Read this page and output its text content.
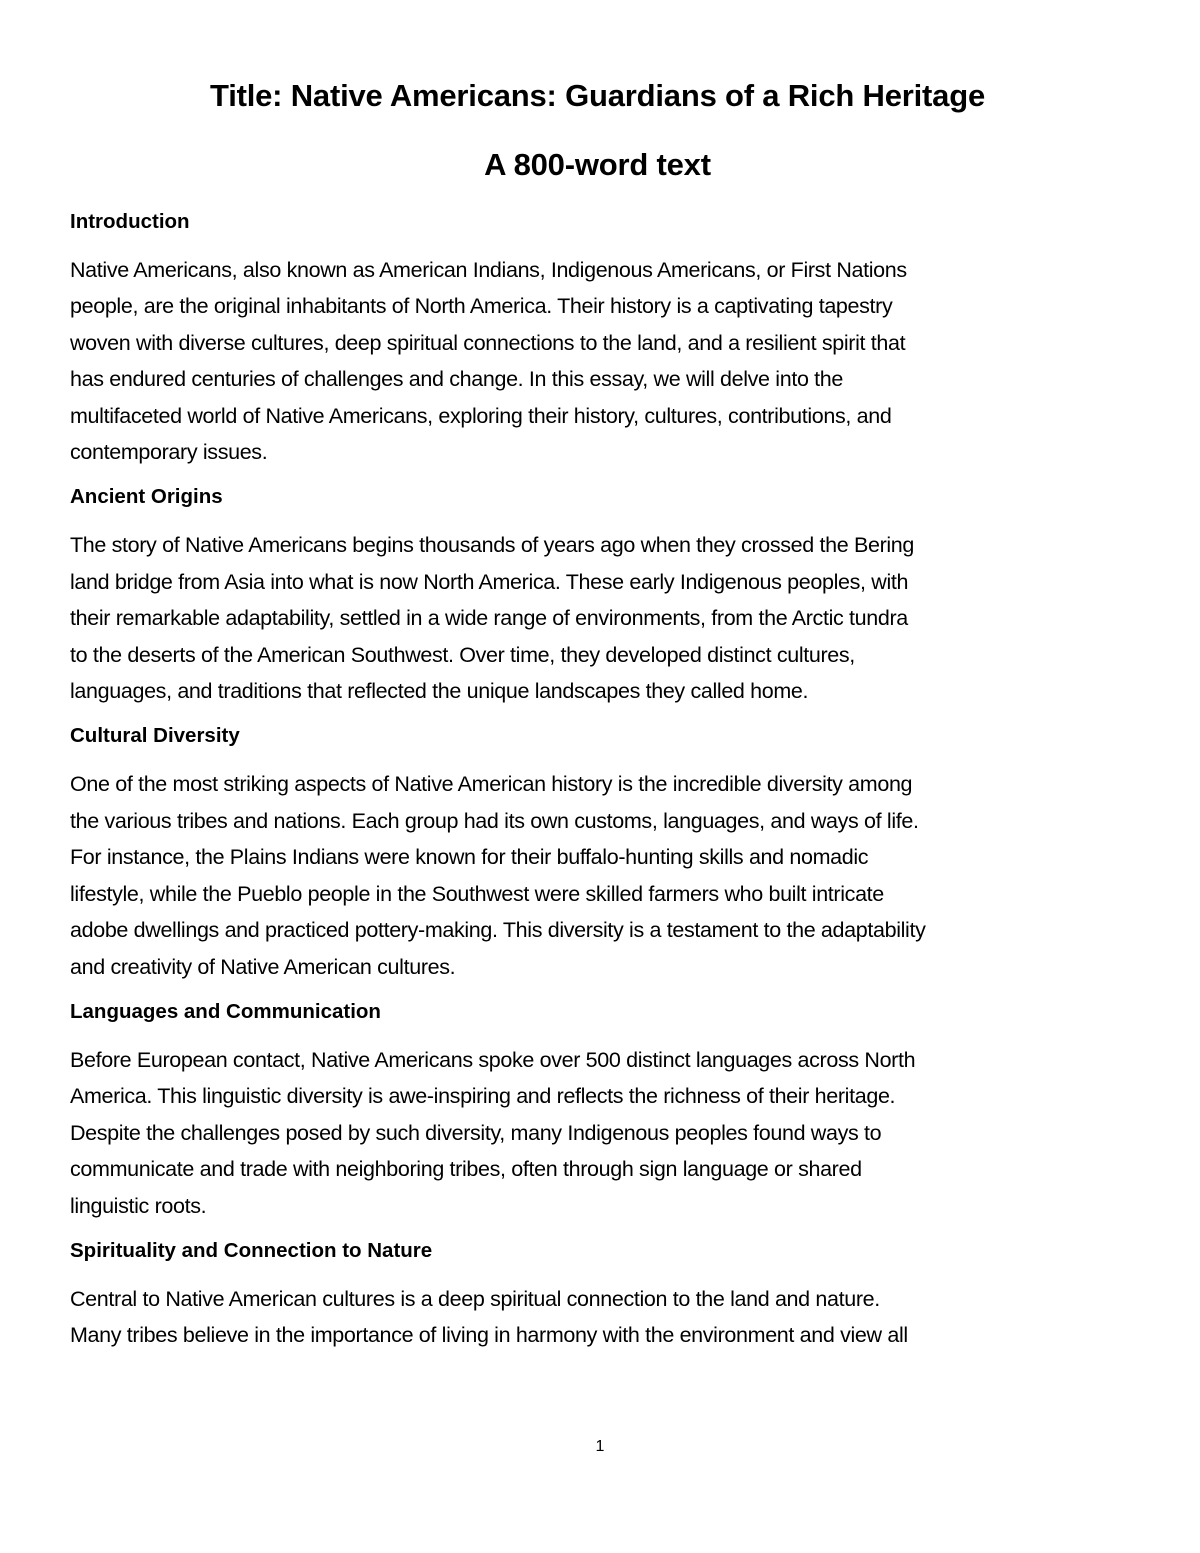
Title: Native Americans: Guardians of a Rich Heritage
A 800-word text
Introduction

Native Americans, also known as American Indians, Indigenous Americans, or First Nations
people, are the original inhabitants of North America. Their history is a captivating tapestry
woven with diverse cultures, deep spiritual connections to the land, and a resilient spirit that
has endured centuries of challenges and change. In this essay, we will delve into the
multifaceted world of Native Americans, exploring their history, cultures, contributions, and
contemporary issues.

Ancient Origins

The story of Native Americans begins thousands of years ago when they crossed the Bering
land bridge from Asia into what is now North America. These early Indigenous peoples, with
their remarkable adaptability, settled in a wide range of environments, from the Arctic tundra
to the deserts of the American Southwest. Over time, they developed distinct cultures,
languages, and traditions that reflected the unique landscapes they called home.

Cultural Diversity

One of the most striking aspects of Native American history is the incredible diversity among
the various tribes and nations. Each group had its own customs, languages, and ways of life.
For instance, the Plains Indians were known for their buffalo-hunting skills and nomadic
lifestyle, while the Pueblo people in the Southwest were skilled farmers who built intricate
adobe dwellings and practiced pottery-making. This diversity is a testament to the adaptability
and creativity of Native American cultures.

Languages and Communication

Before European contact, Native Americans spoke over 500 distinct languages across North
America. This linguistic diversity is awe-inspiring and reflects the richness of their heritage.
Despite the challenges posed by such diversity, many Indigenous peoples found ways to
communicate and trade with neighboring tribes, often through sign language or shared
linguistic roots.

Spirituality and Connection to Nature

Central to Native American cultures is a deep spiritual connection to the land and nature.
Many tribes believe in the importance of living in harmony with the environment and view all

1
